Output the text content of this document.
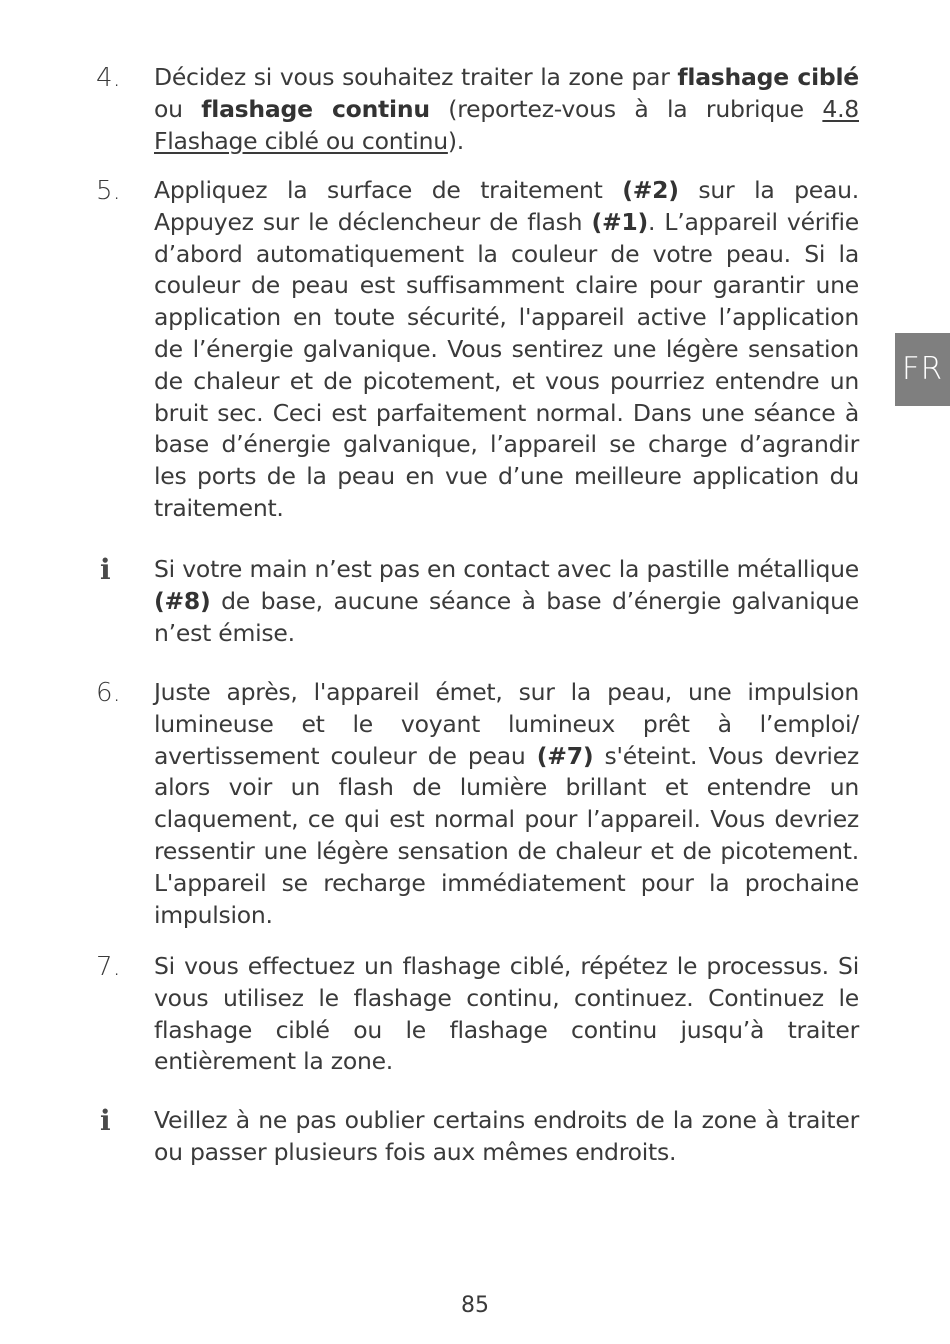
4. Décidez si vous souhaitez traiter la zone par flashage ciblé ou flashage continu (reportez-vous à la rubrique 4.8 Flashage ciblé ou continu).
5. Appliquez la surface de traitement (#2) sur la peau. Appuyez sur le déclencheur de flash (#1). L’appareil vérifie d’abord automatiquement la couleur de votre peau. Si la couleur de peau est suffisamment claire pour garantir une application en toute sécurité, l'appareil active l’application de l’énergie galvanique. Vous sentirez une légère sensation de chaleur et de picotement, et vous pourriez entendre un bruit sec. Ceci est parfaitement normal. Dans une séance à base d’énergie galvanique, l’appareil se charge d’agrandir les ports de la peau en vue d’une meilleure application du traitement.
i Si votre main n’est pas en contact avec la pastille métallique (#8) de base, aucune séance à base d’énergie galvanique n’est émise.
6. Juste après, l'appareil émet, sur la peau, une impulsion lumineuse et le voyant lumineux prêt à l’emploi/ avertissement couleur de peau (#7) s'éteint. Vous devriez alors voir un flash de lumière brillant et entendre un claquement, ce qui est normal pour l’appareil. Vous devriez ressentir une légère sensation de chaleur et de picotement. L'appareil se recharge immédiatement pour la prochaine impulsion.
7. Si vous effectuez un flashage ciblé, répétez le processus. Si vous utilisez le flashage continu, continuez. Continuez le flashage ciblé ou le flashage continu jusqu’à traiter entièrement la zone.
i Veillez à ne pas oublier certains endroits de la zone à traiter ou passer plusieurs fois aux mêmes endroits.
FR
85
